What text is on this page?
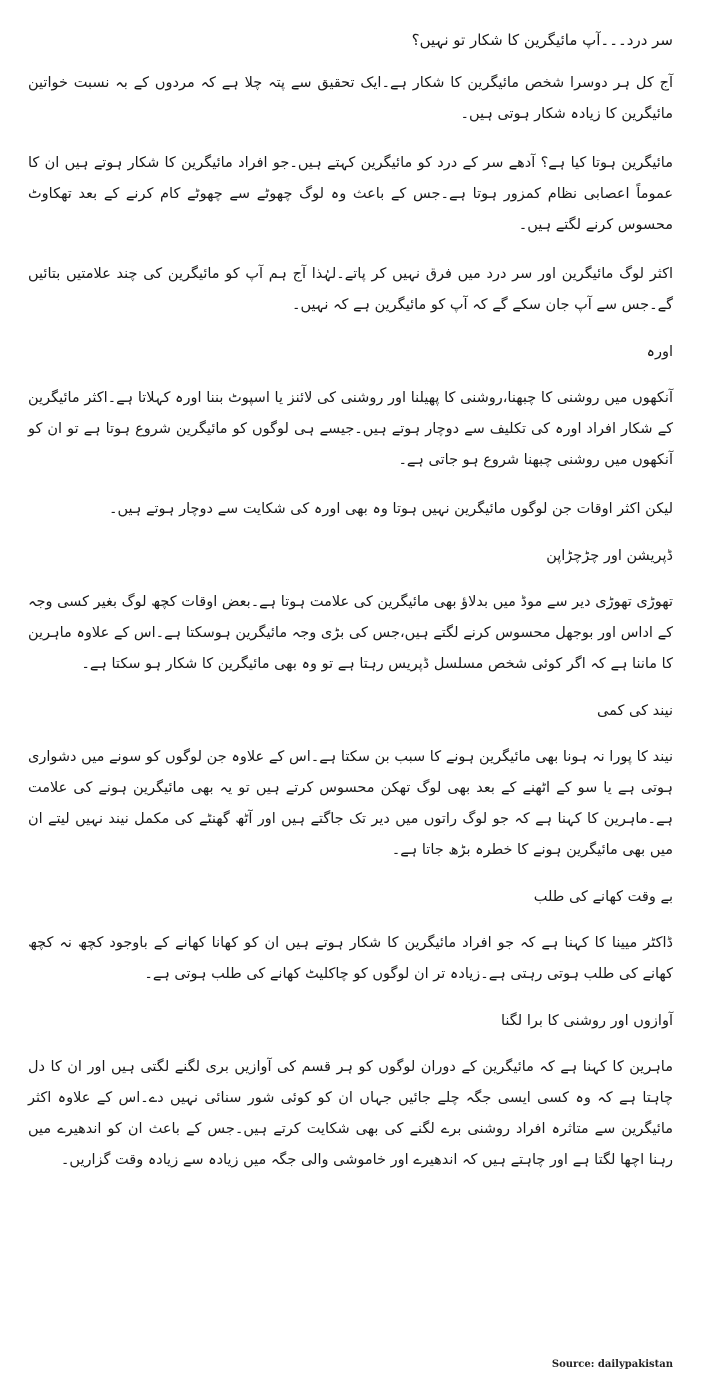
سر درد۔۔۔آپ مائیگرین کا شکار تو نہیں؟

آج کل ہر دوسرا شخص مائیگرین کا شکار ہے۔ایک تحقیق سے پتہ چلا ہے کہ مردوں کے بہ نسبت خواتین مائیگرین کا زیادہ شکار ہوتی ہیں۔

مائیگرین ہوتا کیا ہے؟ آدھے سر کے درد کو مائیگرین کہتے ہیں۔جو افراد مائیگرین کا شکار ہوتے ہیں ان کا عموماً اعصابی نظام کمزور ہوتا ہے۔جس کے باعث وہ لوگ چھوٹے سے چھوٹے کام کرنے کے بعد تھکاوٹ محسوس کرنے لگتے ہیں۔

اکثر لوگ مائیگرین اور سر درد میں فرق نہیں کر پاتے۔لہٰذا آج ہم آپ کو مائیگرین کی چند علامتیں بتائیں گے۔جس سے آپ جان سکے گے کہ آپ کو مائیگرین ہے کہ نہیں۔

اورہ

آنکھوں میں روشنی کا چبھنا،روشنی کا پھیلنا اور روشنی کی لائنز یا اسپوٹ بننا اورہ کہلاتا ہے۔اکثر مائیگرین کے شکار افراد اورہ کی تکلیف سے دوچار ہوتے ہیں۔جیسے ہی لوگوں کو مائیگرین شروع ہوتا ہے تو ان کو آنکھوں میں روشنی چبھنا شروع ہو جاتی ہے۔

لیکن اکثر اوقات جن لوگوں مائیگرین نہیں ہوتا وہ بھی اورہ کی شکایت سے دوچار ہوتے ہیں۔

ڈپریشن اور چڑچڑاپن

تھوڑی تھوڑی دیر سے موڈ میں بدلاؤ بھی مائیگرین کی علامت ہوتا ہے۔بعض اوقات کچھ لوگ بغیر کسی وجہ کے اداس اور بوجھل محسوس کرنے لگتے ہیں،جس کی بڑی وجہ مائیگرین ہوسکتا ہے۔اس کے علاوہ ماہرین کا ماننا ہے کہ اگر کوئی شخص مسلسل ڈپریس رہتا ہے تو وہ بھی مائیگرین کا شکار ہو سکتا ہے۔

نیند کی کمی

نیند کا پورا نہ ہونا بھی مائیگرین ہونے کا سبب بن سکتا ہے۔اس کے علاوہ جن لوگوں کو سونے میں دشواری ہوتی ہے یا سو کے اٹھنے کے بعد بھی لوگ تھکن محسوس کرتے ہیں تو یہ بھی مائیگرین ہونے کی علامت ہے۔ماہرین کا کہنا ہے کہ جو لوگ راتوں میں دیر تک جاگتے ہیں اور آٹھ گھنٹے کی مکمل نیند نہیں لیتے ان میں بھی مائیگرین ہونے کا خطرہ بڑھ جاتا ہے۔

بے وقت کھانے کی طلب

ڈاکٹر میینا کا کہنا ہے کہ جو افراد مائیگرین کا شکار ہوتے ہیں ان کو کھانا کھانے کے باوجود کچھ نہ کچھ کھانے کی طلب ہوتی رہتی ہے۔زیادہ تر ان لوگوں کو چاکلیٹ کھانے کی طلب ہوتی ہے۔

آوازوں اور روشنی کا برا لگنا

ماہرین کا کہنا ہے کہ مائیگرین کے دوران لوگوں کو ہر قسم کی آوازیں بری لگنے لگتی ہیں اور ان کا دل چاہتا ہے کہ وہ کسی ایسی جگہ چلے جائیں جہاں ان کو کوئی شور سنائی نہیں دے۔اس کے علاوہ اکثر مائیگرین سے متاثرہ افراد روشنی برے لگنے کی بھی شکایت کرتے ہیں۔جس کے باعث ان کو اندھیرے میں رہنا اچھا لگتا ہے اور چاہتے ہیں کہ اندھیرے اور خاموشی والی جگہ میں زیادہ سے زیادہ وقت گزاریں۔

Source: dailypakistan
